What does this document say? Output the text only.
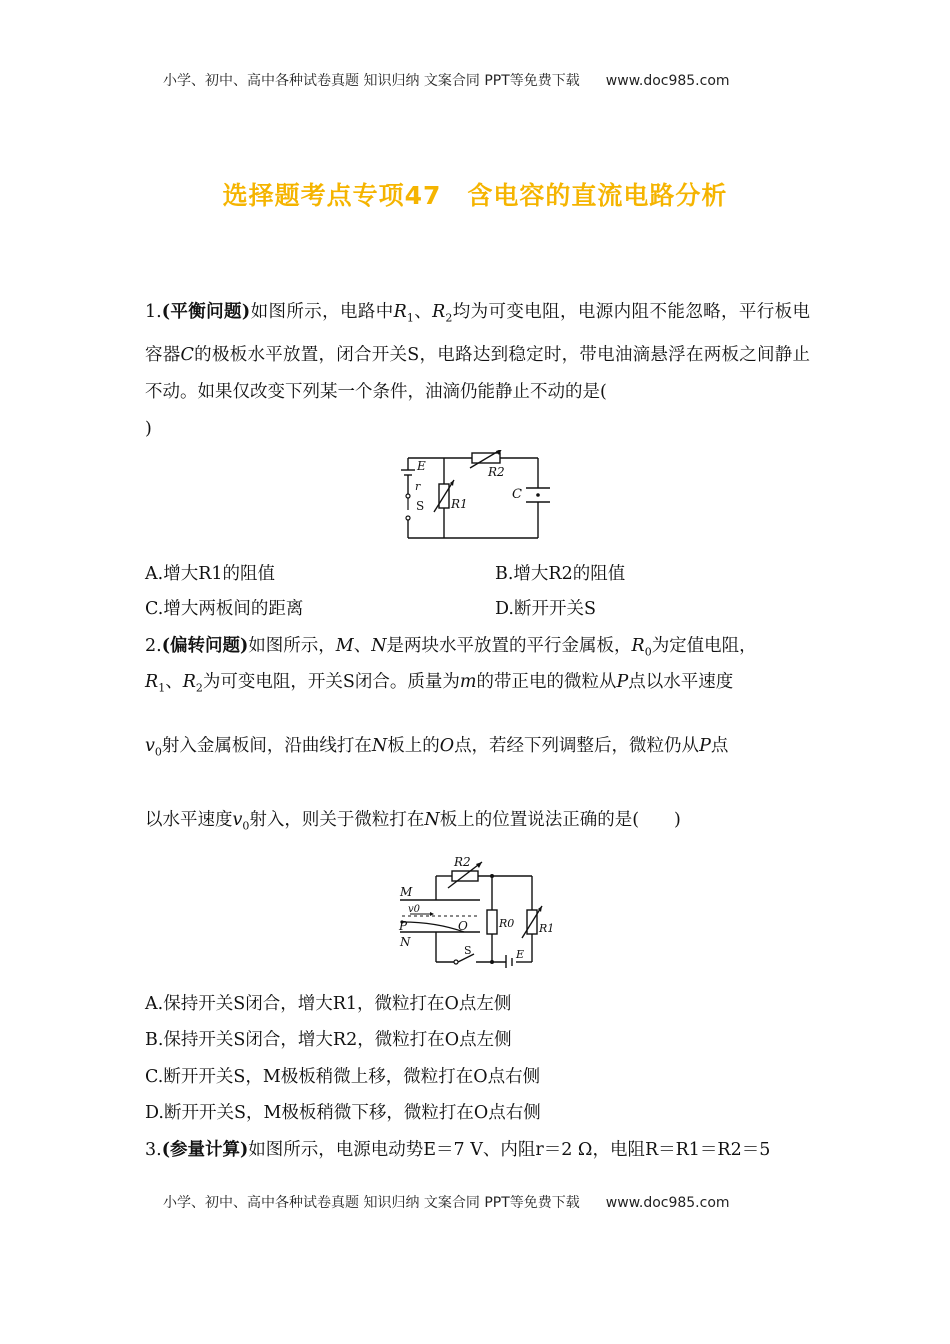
小学、初中、高中各种试卷真题 知识归纳 文案合同 PPT等免费下载 www.doc985.com
选择题考点专项47　含电容的直流电路分析
1.(平衡问题)如图所示，电路中$R_1$、$R_2$均为可变电阻，电源内阻不能忽略，平行板电容器C的极板水平放置，闭合开关S，电路达到稳定时，带电油滴悬浮在两板之间静止不动。如果仅改变下列某一个条件，油滴仍能静止不动的是(
)
E
r
S R1
R2
C
A.增大R1的阻值	B.增大R2的阻值
C.增大两板间的距离	D.断开开关S
2.(偏转问题)如图所示，M、N是两块水平放置的平行金属板，$R_0$为定值电阻，
$R_1$、$R_2$为可变电阻，开关S闭合。质量为m的带正电的微粒从P点以水平速度
$v_0$射入金属板间，沿曲线打在N板上的O点，若经下列调整后，微粒仍从P点
以水平速度$v_0$射入，则关于微粒打在N板上的位置说法正确的是(　　)
R2
M
v0
P	O
N
R0 R1
S	E
A.保持开关S闭合，增大R1，微粒打在O点左侧
B.保持开关S闭合，增大R2，微粒打在O点左侧
C.断开开关S，M极板稍微上移，微粒打在O点右侧
D.断开开关S，M极板稍微下移，微粒打在O点右侧
3.(参量计算)如图所示，电源电动势E＝7 V、内阻r＝2 Ω，电阻R＝R1＝R2＝5
小学、初中、高中各种试卷真题 知识归纳 文案合同 PPT等免费下载 www.doc985.com
